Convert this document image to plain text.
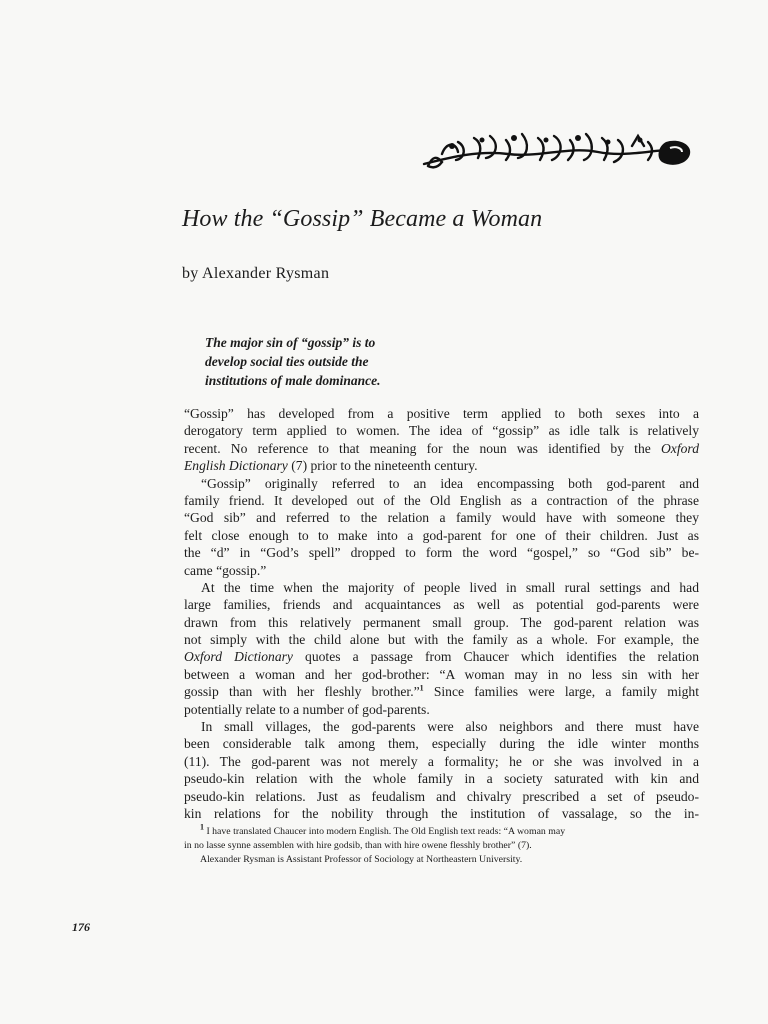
How the “Gossip” Became a Woman

by Alexander Rysman

The major sin of “gossip” is to
develop social ties outside the
institutions of male dominance.
“Gossip” has developed from a positive term applied to both sexes into a
derogatory term applied to women. The idea of “gossip” as idle talk is relatively
recent. No reference to that meaning for the noun was identified by the Oxford
English Dictionary (7) prior to the nineteenth century.
“Gossip” originally referred to an idea encompassing both god-parent and
family friend. It developed out of the Old English as a contraction of the phrase
“God sib” and referred to the relation a family would have with someone they
felt close enough to to make into a god-parent for one of their children. Just as
the “d” in “God’s spell” dropped to form the word “gospel,” so “God sib” be-
came “gossip.”
At the time when the majority of people lived in small rural settings and had
large families, friends and acquaintances as well as potential god-parents were
drawn from this relatively permanent small group. The god-parent relation was
not simply with the child alone but with the family as a whole. For example, the
Oxford Dictionary quotes a passage from Chaucer which identifies the relation
between a woman and her god-brother: “A woman may in no less sin with her
gossip than with her fleshly brother.”$^1$ Since families were large, a family might
potentially relate to a number of god-parents.
In small villages, the god-parents were also neighbors and there must have
been considerable talk among them, especially during the idle winter months
(11). The god-parent was not merely a formality; he or she was involved in a
pseudo-kin relation with the whole family in a society saturated with kin and
pseudo-kin relations. Just as feudalism and chivalry prescribed a set of pseudo-
kin relations for the nobility through the institution of vassalage, so the in-
$^1$ I have translated Chaucer into modern English. The Old English text reads: “A woman may
in no lasse synne assemblen with hire godsib, than with hire owene flesshly brother” (7).
Alexander Rysman is Assistant Professor of Sociology at Northeastern University.
176
